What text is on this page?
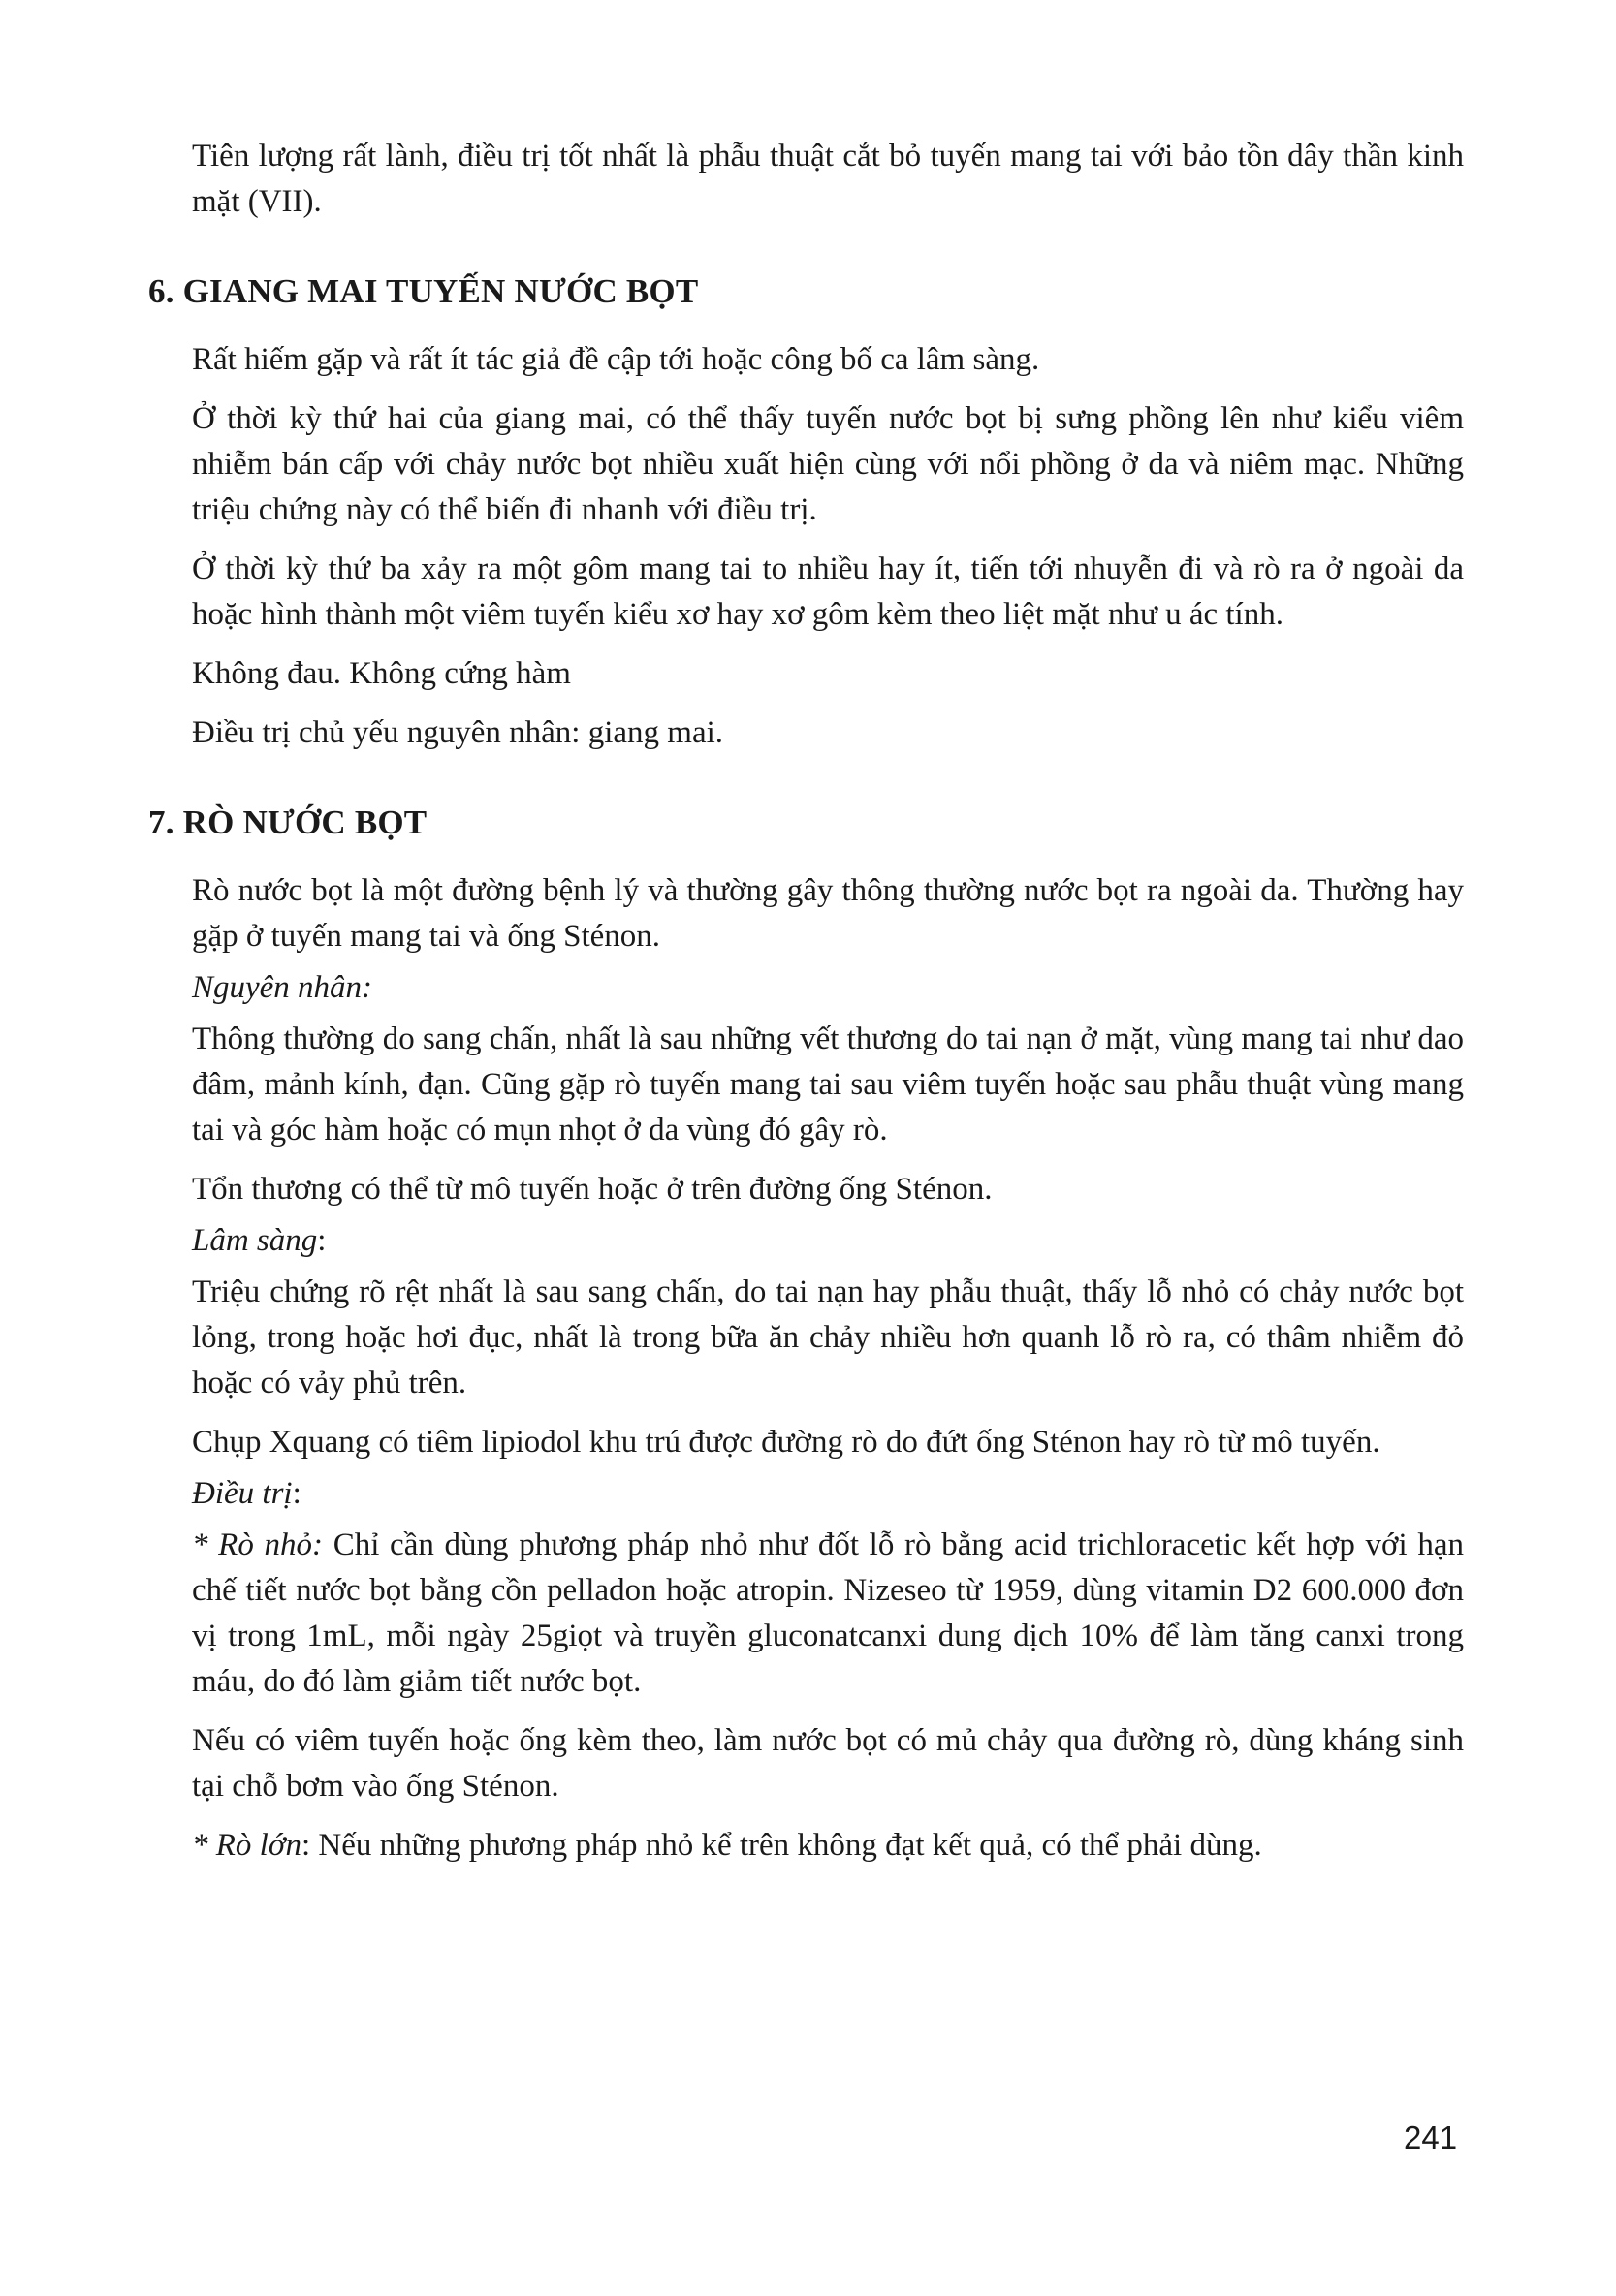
Tiên lượng rất lành, điều trị tốt nhất là phẫu thuật cắt bỏ tuyến mang tai với bảo tồn dây thần kinh mặt (VII).

6. GIANG MAI TUYẾN NƯỚC BỌT

Rất hiếm gặp và rất ít tác giả đề cập tới hoặc công bố ca lâm sàng.

Ở thời kỳ thứ hai của giang mai, có thể thấy tuyến nước bọt bị sưng phồng lên như kiểu viêm nhiễm bán cấp với chảy nước bọt nhiều xuất hiện cùng với nổi phồng ở da và niêm mạc. Những triệu chứng này có thể biến đi nhanh với điều trị.

Ở thời kỳ thứ ba xảy ra một gôm mang tai to nhiều hay ít, tiến tới nhuyễn đi và rò ra ở ngoài da hoặc hình thành một viêm tuyến kiểu xơ hay xơ gôm kèm theo liệt mặt như u ác tính.

Không đau. Không cứng hàm

Điều trị chủ yếu nguyên nhân: giang mai.

7. RÒ NƯỚC BỌT

Rò nước bọt là một đường bệnh lý và thường gây thông thường nước bọt ra ngoài da. Thường hay gặp ở tuyến mang tai và ống Sténon.

Nguyên nhân:

Thông thường do sang chấn, nhất là sau những vết thương do tai nạn ở mặt, vùng mang tai như dao đâm, mảnh kính, đạn. Cũng gặp rò tuyến mang tai sau viêm tuyến hoặc sau phẫu thuật vùng mang tai và góc hàm hoặc có mụn nhọt ở da vùng đó gây rò.

Tổn thương có thể từ mô tuyến hoặc ở trên đường ống Sténon.

Lâm sàng:

Triệu chứng rõ rệt nhất là sau sang chấn, do tai nạn hay phẫu thuật, thấy lỗ nhỏ có chảy nước bọt lỏng, trong hoặc hơi đục, nhất là trong bữa ăn chảy nhiều hơn quanh lỗ rò ra, có thâm nhiễm đỏ hoặc có vảy phủ trên.

Chụp Xquang có tiêm lipiodol khu trú được đường rò do đứt ống Sténon hay rò từ mô tuyến.

Điều trị:

* Rò nhỏ: Chỉ cần dùng phương pháp nhỏ như đốt lỗ rò bằng acid trichloracetic kết hợp với hạn chế tiết nước bọt bằng cồn pelladon hoặc atropin. Nizeseo từ 1959, dùng vitamin D2 600.000 đơn vị trong 1mL, mỗi ngày 25giọt và truyền gluconatcanxi dung dịch 10% để làm tăng canxi trong máu, do đó làm giảm tiết nước bọt.

Nếu có viêm tuyến hoặc ống kèm theo, làm nước bọt có mủ chảy qua đường rò, dùng kháng sinh tại chỗ bơm vào ống Sténon.

* Rò lớn: Nếu những phương pháp nhỏ kể trên không đạt kết quả, có thể phải dùng.

241
